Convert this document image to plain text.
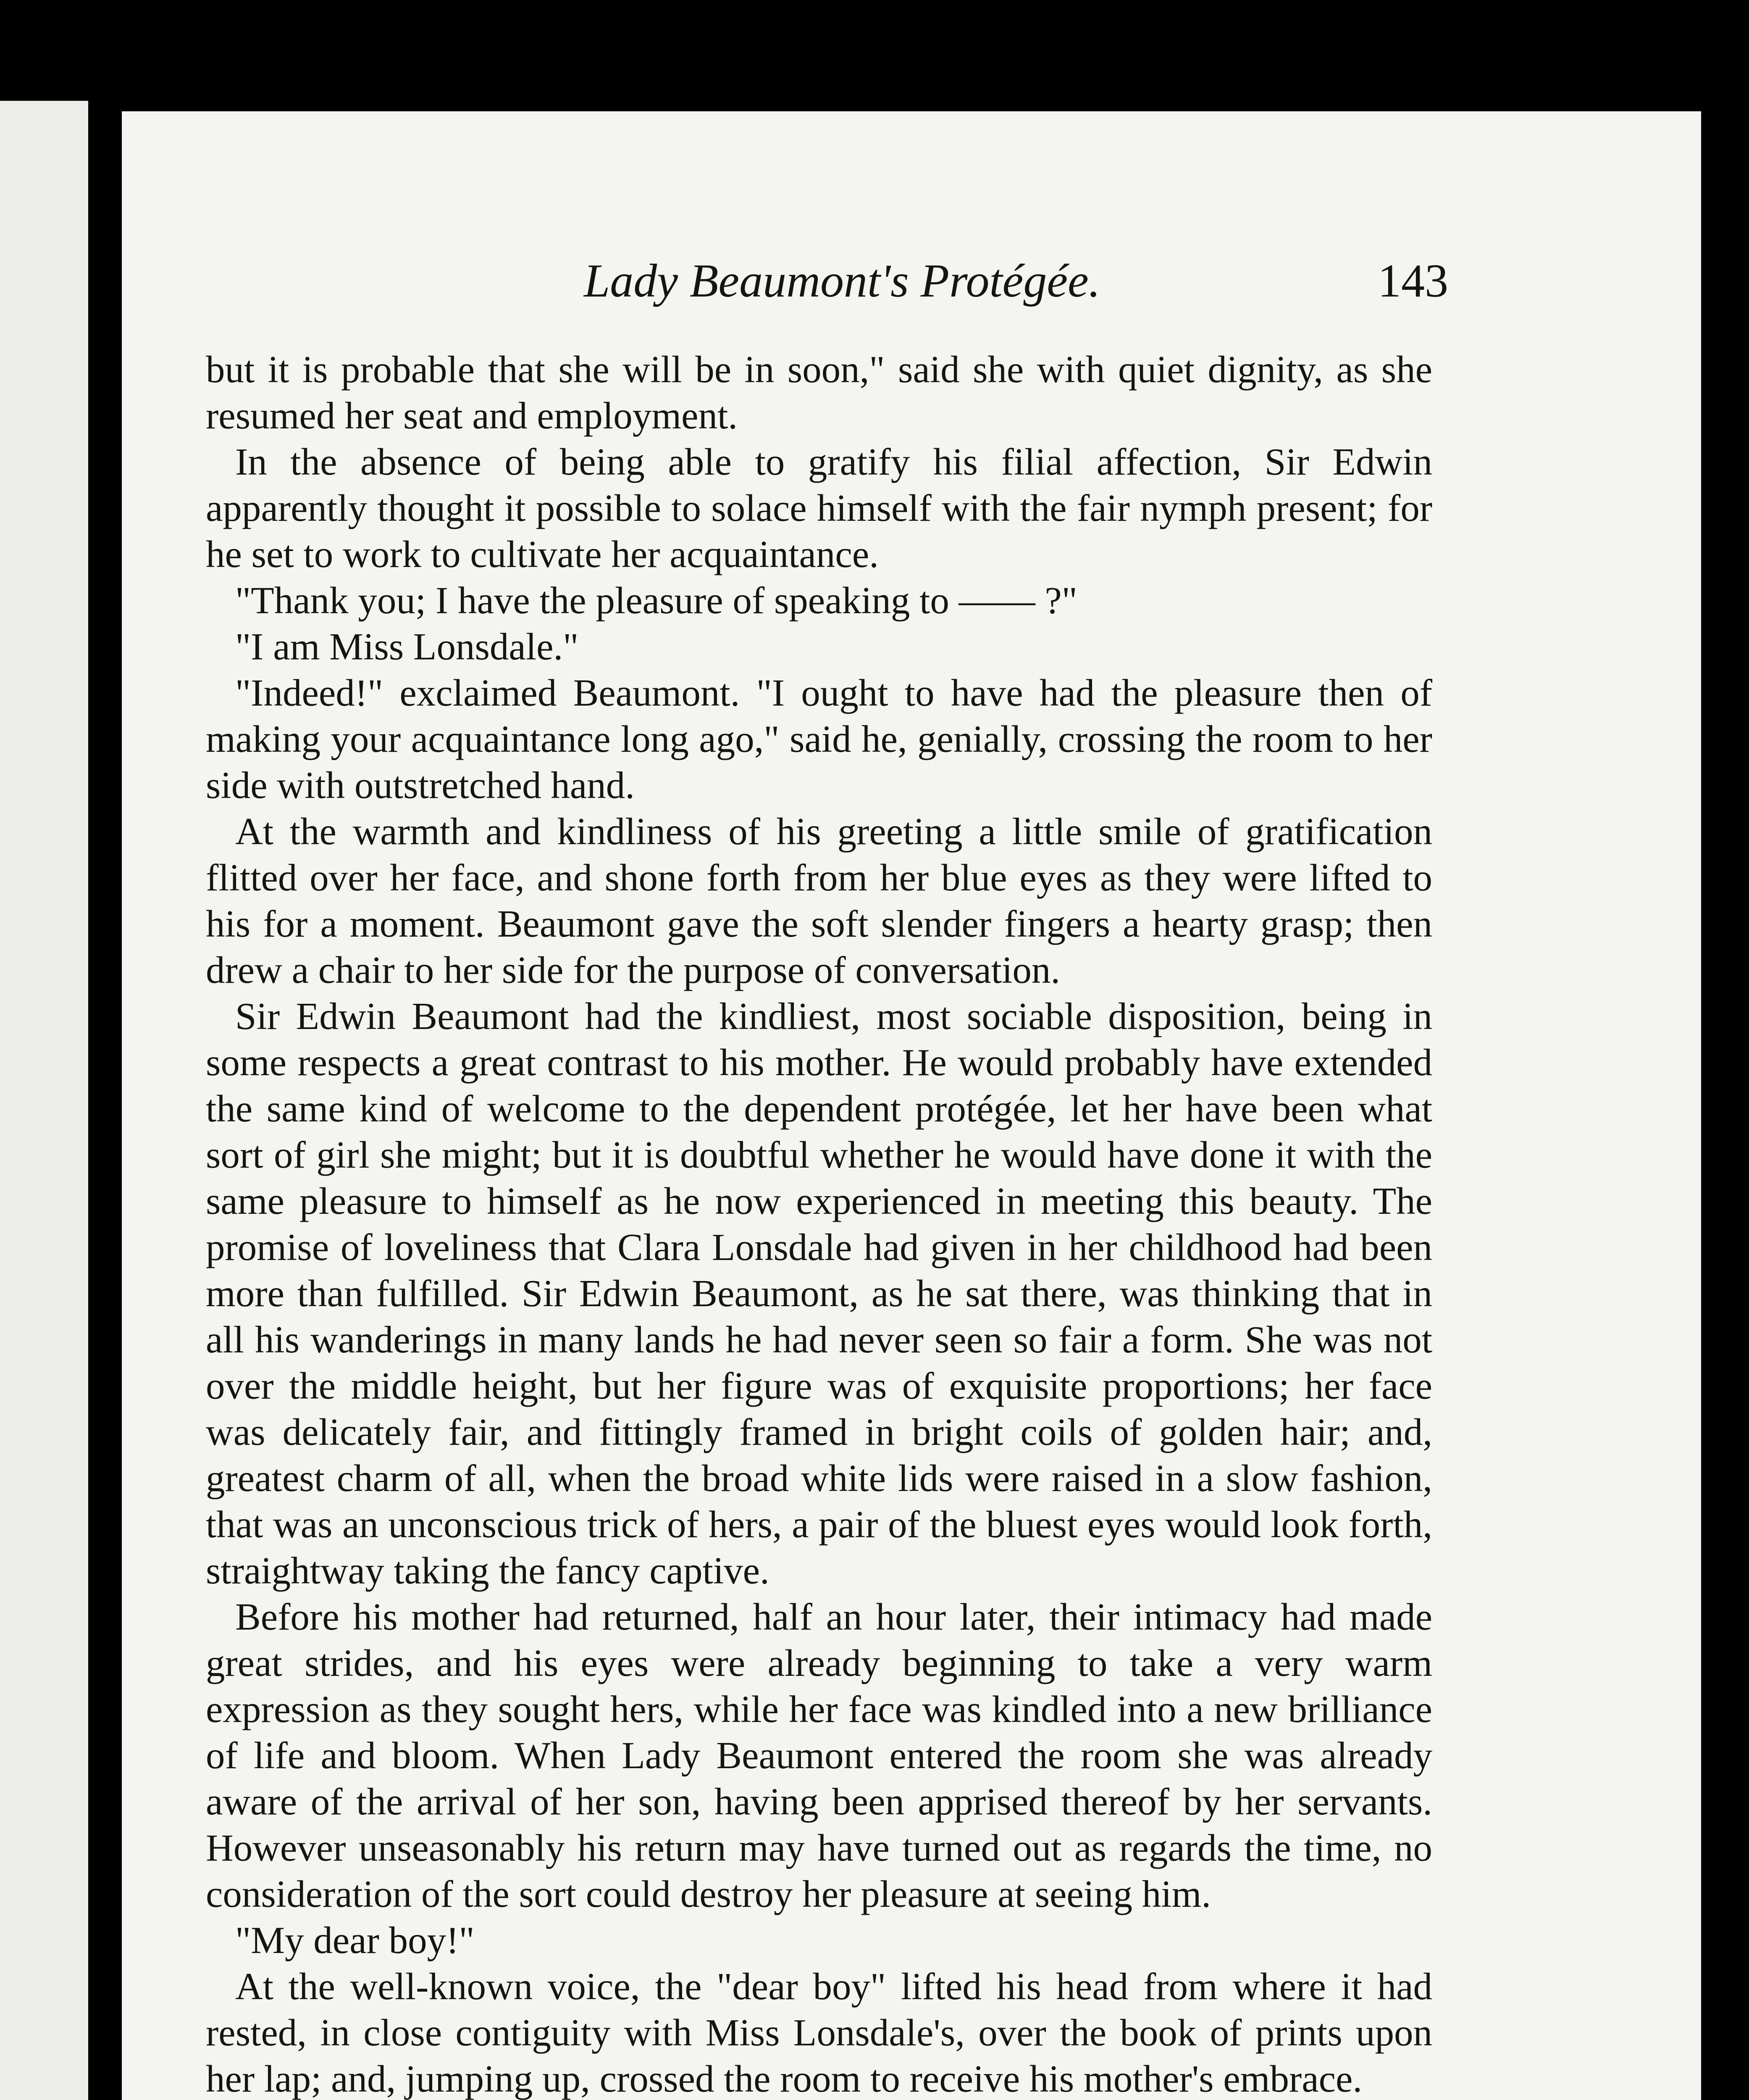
Lady Beaumont's Protégée.	143

but it is probable that she will be in soon," said she with quiet dignity, as she resumed her seat and employment.

In the absence of being able to gratify his filial affection, Sir Edwin apparently thought it possible to solace himself with the fair nymph present; for he set to work to cultivate her acquaintance.

"Thank you; I have the pleasure of speaking to —— ?"

"I am Miss Lonsdale."

"Indeed!" exclaimed Beaumont. "I ought to have had the pleasure then of making your acquaintance long ago," said he, genially, crossing the room to her side with outstretched hand.

At the warmth and kindliness of his greeting a little smile of gratification flitted over her face, and shone forth from her blue eyes as they were lifted to his for a moment. Beaumont gave the soft slender fingers a hearty grasp; then drew a chair to her side for the purpose of conversation.

Sir Edwin Beaumont had the kindliest, most sociable disposition, being in some respects a great contrast to his mother. He would probably have extended the same kind of welcome to the dependent protégée, let her have been what sort of girl she might; but it is doubtful whether he would have done it with the same pleasure to himself as he now experienced in meeting this beauty. The promise of loveliness that Clara Lonsdale had given in her childhood had been more than fulfilled. Sir Edwin Beaumont, as he sat there, was thinking that in all his wanderings in many lands he had never seen so fair a form. She was not over the middle height, but her figure was of exquisite proportions; her face was delicately fair, and fittingly framed in bright coils of golden hair; and, greatest charm of all, when the broad white lids were raised in a slow fashion, that was an unconscious trick of hers, a pair of the bluest eyes would look forth, straightway taking the fancy captive.

Before his mother had returned, half an hour later, their intimacy had made great strides, and his eyes were already beginning to take a very warm expression as they sought hers, while her face was kindled into a new brilliance of life and bloom. When Lady Beaumont entered the room she was already aware of the arrival of her son, having been apprised thereof by her servants. However unseasonably his return may have turned out as regards the time, no consideration of the sort could destroy her pleasure at seeing him.

"My dear boy!"

At the well-known voice, the "dear boy" lifted his head from where it had rested, in close contiguity with Miss Lonsdale's, over the book of prints upon her lap; and, jumping up, crossed the room to receive his mother's embrace.
